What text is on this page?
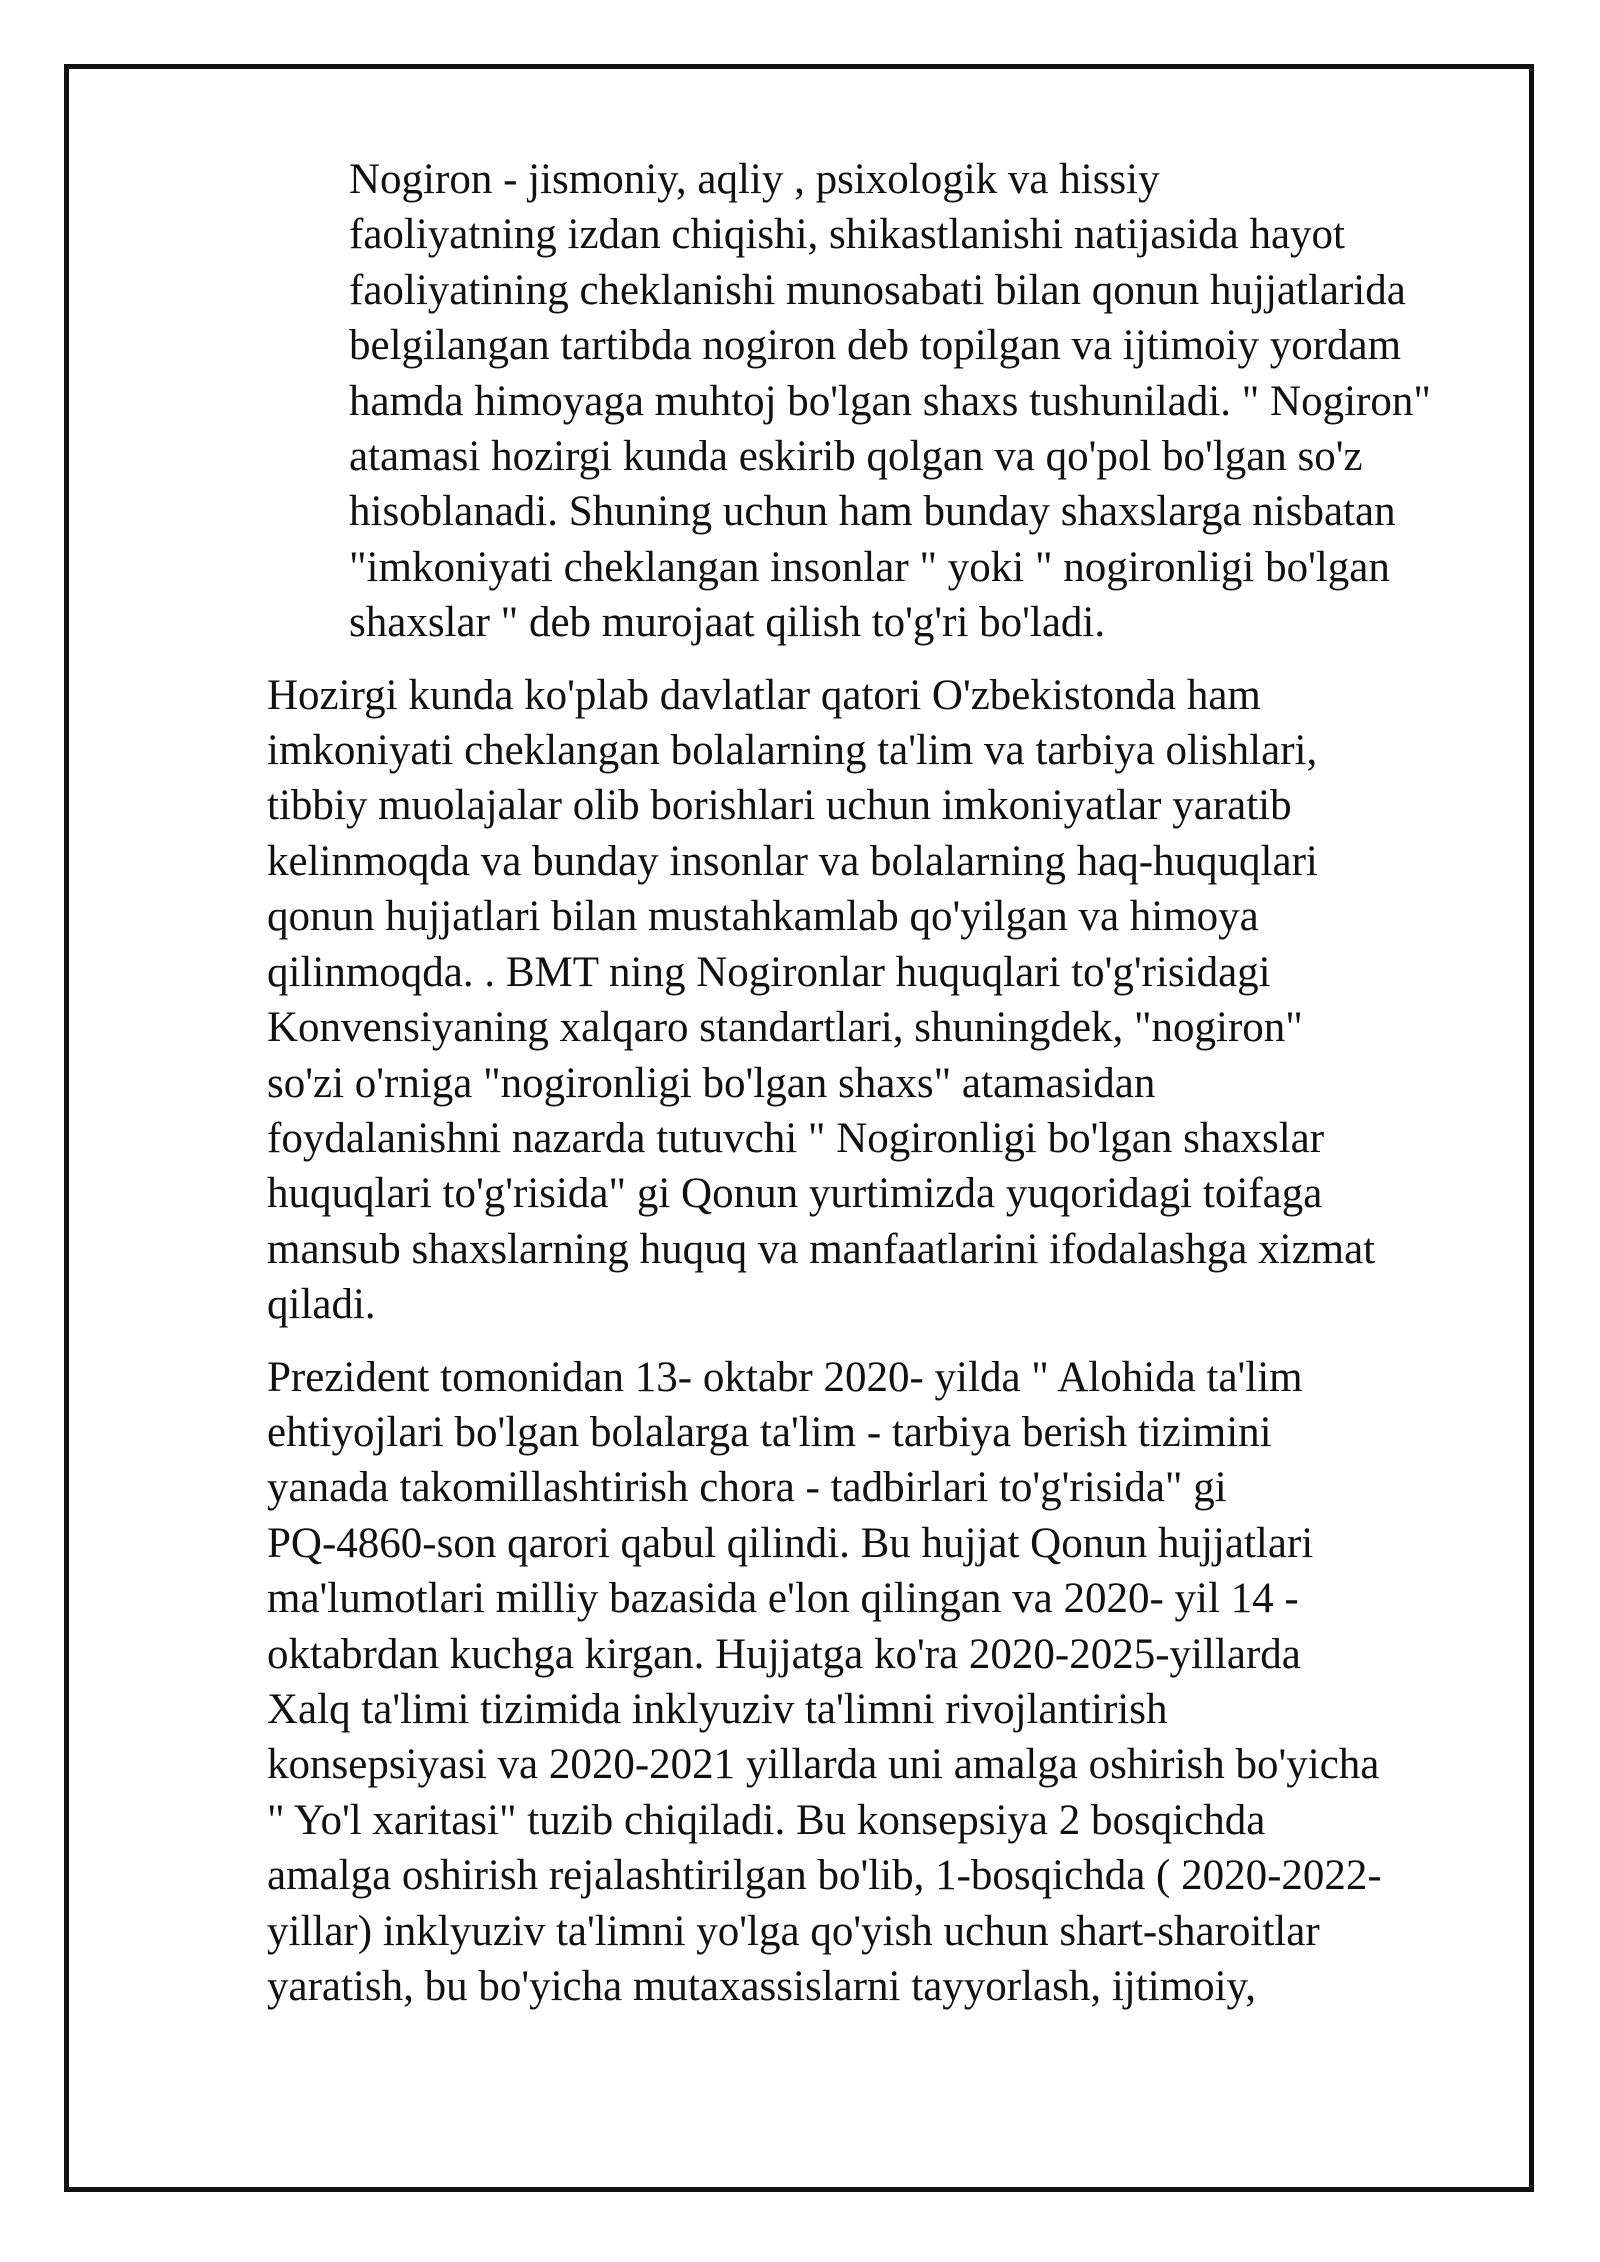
Nogiron - jismoniy, aqliy , psixologik va hissiy
faoliyatning izdan chiqishi, shikastlanishi natijasida hayot
faoliyatining cheklanishi munosabati bilan qonun hujjatlarida
belgilangan tartibda nogiron deb topilgan va ijtimoiy yordam
hamda himoyaga muhtoj bo'lgan shaxs tushuniladi. " Nogiron"
atamasi hozirgi kunda eskirib qolgan va qo'pol bo'lgan so'z
hisoblanadi. Shuning uchun ham bunday shaxslarga nisbatan
"imkoniyati cheklangan insonlar " yoki " nogironligi bo'lgan
shaxslar " deb murojaat qilish to'g'ri bo'ladi.

Hozirgi kunda ko'plab davlatlar qatori O'zbekistonda ham
imkoniyati cheklangan bolalarning ta'lim va tarbiya olishlari,
tibbiy muolajalar olib borishlari uchun imkoniyatlar yaratib
kelinmoqda va bunday insonlar va bolalarning haq-huquqlari
qonun hujjatlari bilan mustahkamlab qo'yilgan va himoya
qilinmoqda. . BMT ning Nogironlar huquqlari to'g'risidagi
Konvensiyaning xalqaro standartlari, shuningdek, "nogiron"
so'zi o'rniga "nogironligi bo'lgan shaxs" atamasidan
foydalanishni nazarda tutuvchi " Nogironligi bo'lgan shaxslar
huquqlari to'g'risida" gi Qonun yurtimizda yuqoridagi toifaga
mansub shaxslarning huquq va manfaatlarini ifodalashga xizmat
qiladi.

Prezident tomonidan 13- oktabr 2020- yilda " Alohida ta'lim
ehtiyojlari bo'lgan bolalarga ta'lim - tarbiya berish tizimini
yanada takomillashtirish chora - tadbirlari to'g'risida" gi
PQ-4860-son qarori qabul qilindi. Bu hujjat Qonun hujjatlari
ma'lumotlari milliy bazasida e'lon qilingan va 2020- yil 14 -
oktabrdan kuchga kirgan. Hujjatga ko'ra 2020-2025-yillarda
Xalq ta'limi tizimida inklyuziv ta'limni rivojlantirish
konsepsiyasi va 2020-2021 yillarda uni amalga oshirish bo'yicha
" Yo'l xaritasi" tuzib chiqiladi. Bu konsepsiya 2 bosqichda
amalga oshirish rejalashtirilgan bo'lib, 1-bosqichda ( 2020-2022-
yillar) inklyuziv ta'limni yo'lga qo'yish uchun shart-sharoitlar
yaratish, bu bo'yicha mutaxassislarni tayyorlash, ijtimoiy,
